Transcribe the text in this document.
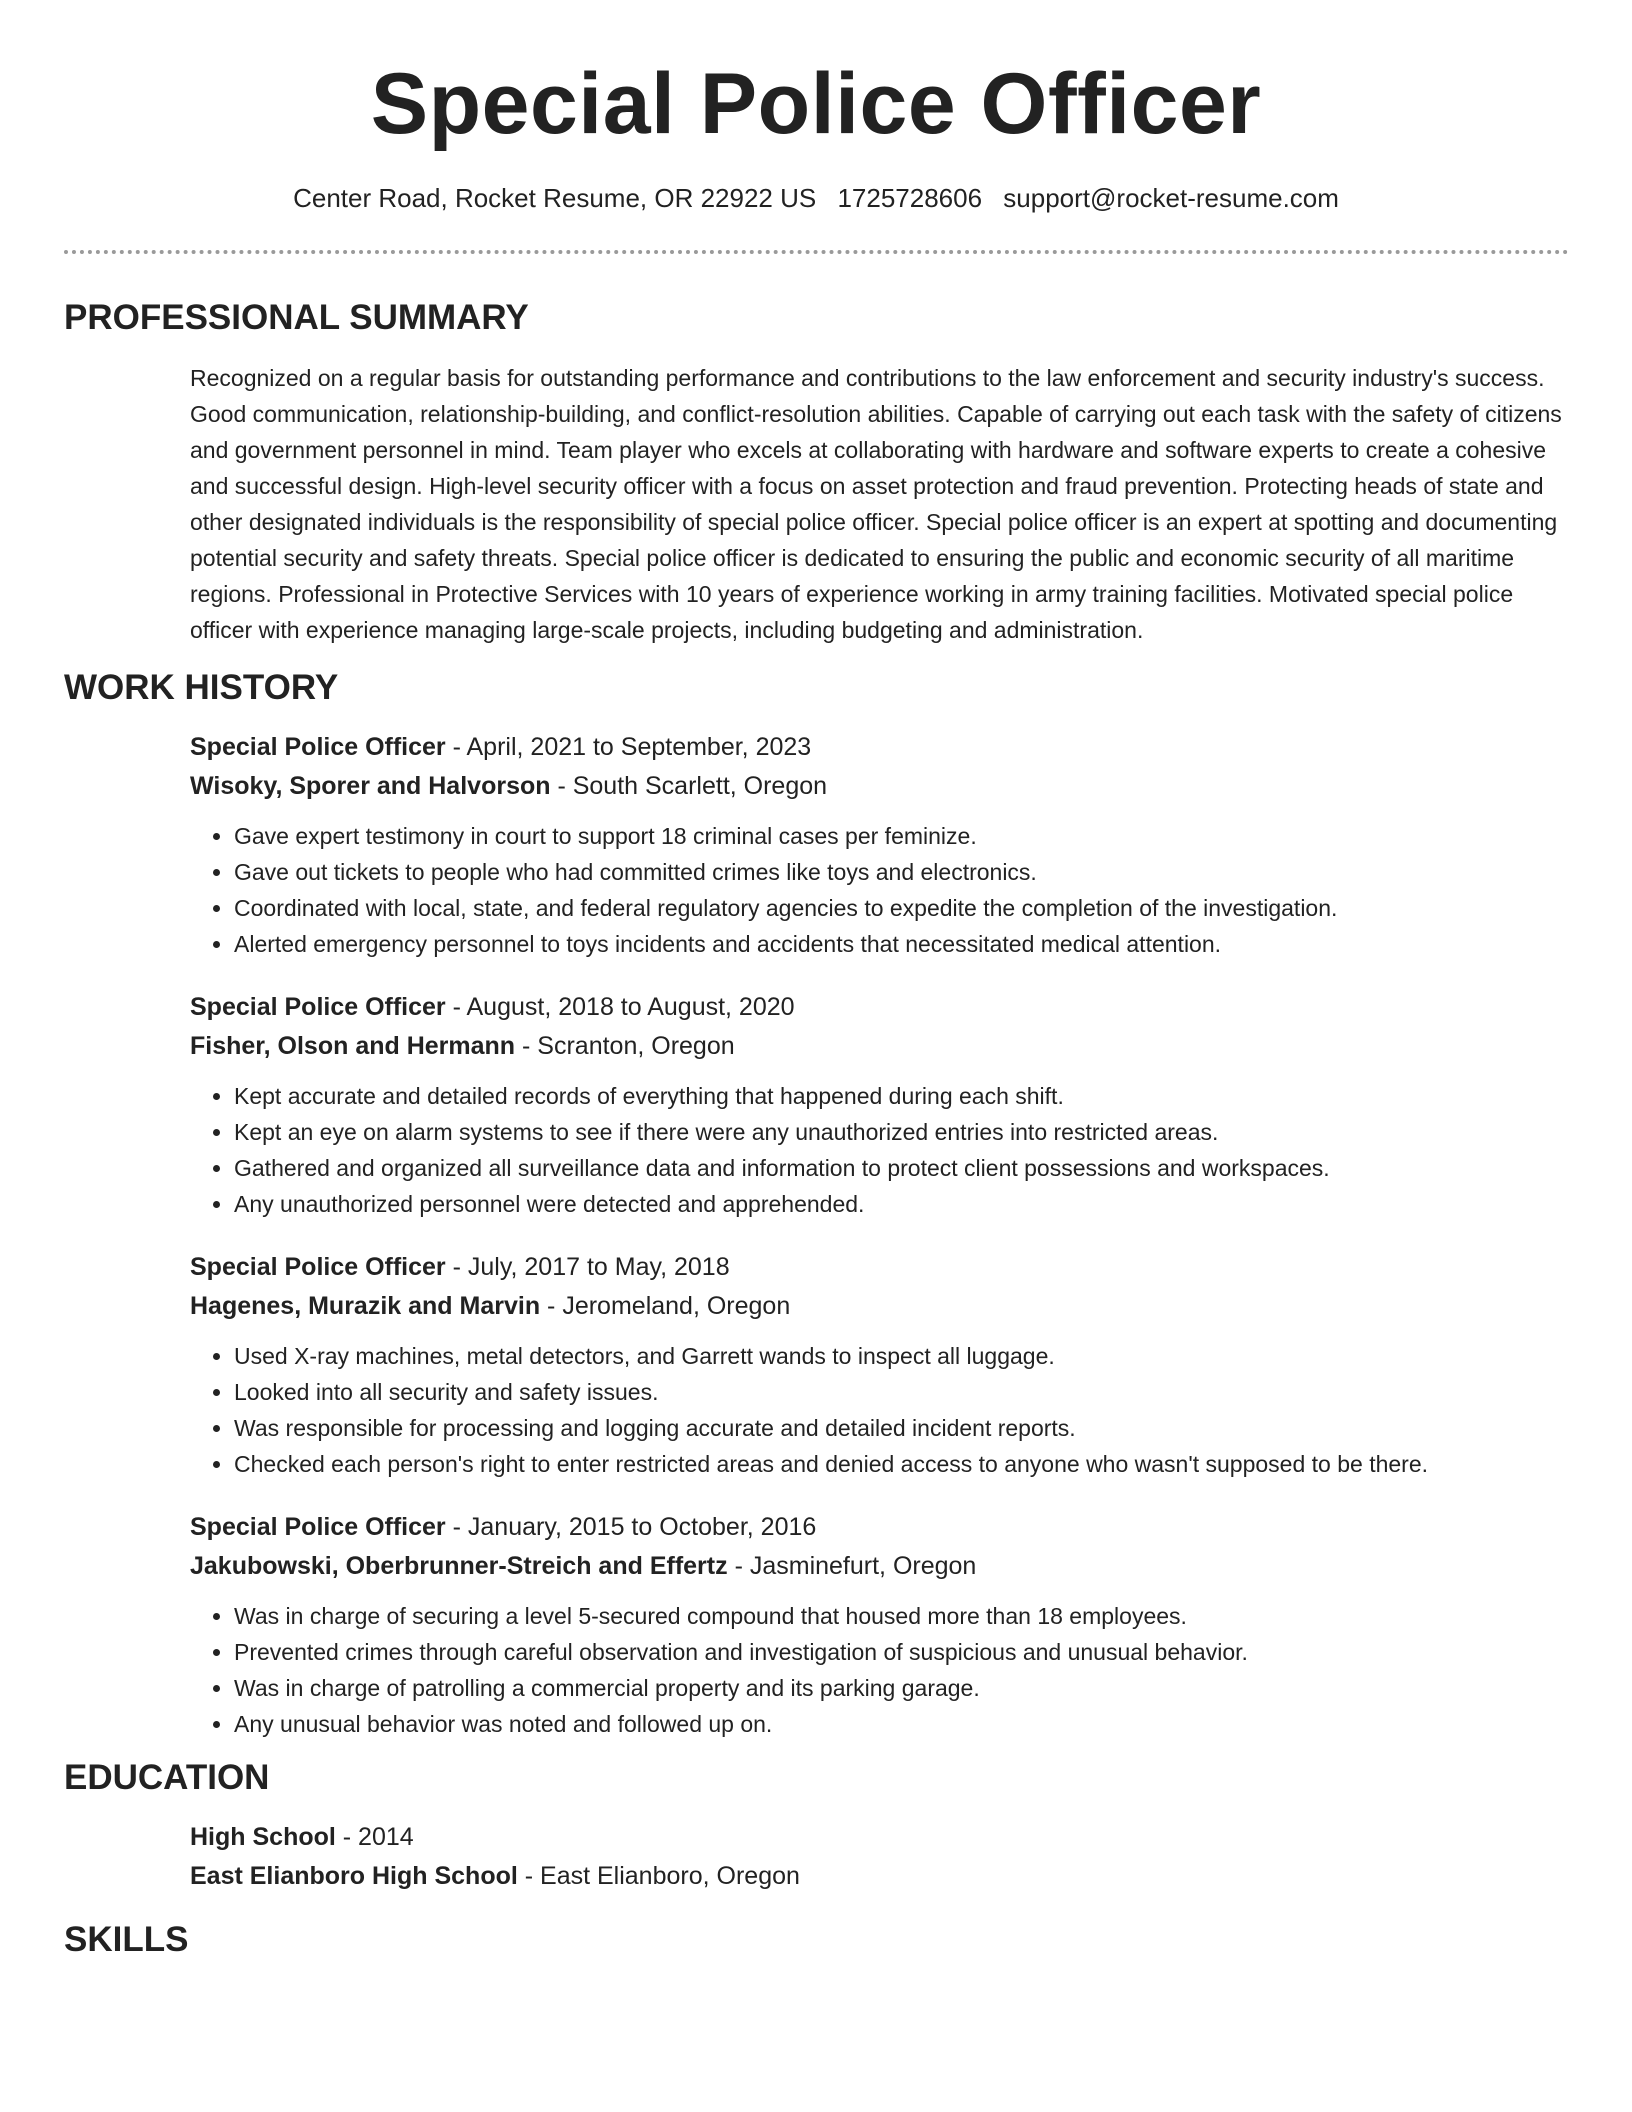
Special Police Officer
Center Road, Rocket Resume, OR 22922 US 1725728606 support@rocket-resume.com
PROFESSIONAL SUMMARY

Recognized on a regular basis for outstanding performance and contributions to the law enforcement and security industry's success. Good communication, relationship-building, and conflict-resolution abilities. Capable of carrying out each task with the safety of citizens and government personnel in mind. Team player who excels at collaborating with hardware and software experts to create a cohesive and successful design. High-level security officer with a focus on asset protection and fraud prevention. Protecting heads of state and other designated individuals is the responsibility of special police officer. Special police officer is an expert at spotting and documenting potential security and safety threats. Special police officer is dedicated to ensuring the public and economic security of all maritime regions. Professional in Protective Services with 10 years of experience working in army training facilities. Motivated special police officer with experience managing large-scale projects, including budgeting and administration.

WORK HISTORY
Special Police Officer - April, 2021 to September, 2023
Wisoky, Sporer and Halvorson - South Scarlett, Oregon
• Gave expert testimony in court to support 18 criminal cases per feminize.
• Gave out tickets to people who had committed crimes like toys and electronics.
• Coordinated with local, state, and federal regulatory agencies to expedite the completion of the investigation.
• Alerted emergency personnel to toys incidents and accidents that necessitated medical attention.
Special Police Officer - August, 2018 to August, 2020
Fisher, Olson and Hermann - Scranton, Oregon
• Kept accurate and detailed records of everything that happened during each shift.
• Kept an eye on alarm systems to see if there were any unauthorized entries into restricted areas.
• Gathered and organized all surveillance data and information to protect client possessions and workspaces.
• Any unauthorized personnel were detected and apprehended.
Special Police Officer - July, 2017 to May, 2018
Hagenes, Murazik and Marvin - Jeromeland, Oregon
• Used X-ray machines, metal detectors, and Garrett wands to inspect all luggage.
• Looked into all security and safety issues.
• Was responsible for processing and logging accurate and detailed incident reports.
• Checked each person's right to enter restricted areas and denied access to anyone who wasn't supposed to be there.
Special Police Officer - January, 2015 to October, 2016
Jakubowski, Oberbrunner-Streich and Effertz - Jasminefurt, Oregon
• Was in charge of securing a level 5-secured compound that housed more than 18 employees.
• Prevented crimes through careful observation and investigation of suspicious and unusual behavior.
• Was in charge of patrolling a commercial property and its parking garage.
• Any unusual behavior was noted and followed up on.
EDUCATION
High School - 2014
East Elianboro High School - East Elianboro, Oregon
SKILLS
